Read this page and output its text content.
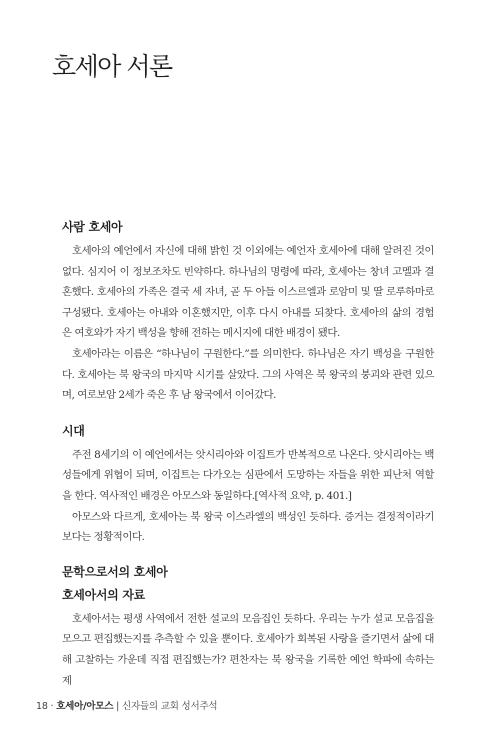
호세아 서론
사람 호세아

호세아의 예언에서 자신에 대해 밝힌 것 이외에는 예언자 호세아에 대해 알려진 것이 없다. 심지어 이 정보조차도 빈약하다. 하나님의 명령에 따라, 호세아는 창녀 고멜과 결혼했다. 호세아의 가족은 결국 세 자녀, 곧 두 아들 이스르엘과 로암미 및 딸 로루하마로 구성됐다. 호세아는 아내와 이혼했지만, 이후 다시 아내를 되찾다. 호세아의 삶의 경험은 여호와가 자기 백성을 향해 전하는 메시지에 대한 배경이 됐다.

호세아라는 이름은 “하나님이 구원한다.”를 의미한다. 하나님은 자기 백성을 구원한다. 호세아는 북 왕국의 마지막 시기를 살았다. 그의 사역은 북 왕국의 붕괴와 관련 있으며, 여로보암 2세가 죽은 후 남 왕국에서 이어갔다.

시대

주전 8세기의 이 예언에서는 앗시리아와 이집트가 반복적으로 나온다. 앗시리아는 백성들에게 위협이 되며, 이집트는 다가오는 심판에서 도망하는 자들을 위한 피난처 역할을 한다. 역사적인 배경은 아모스와 동일하다.[역사적 요약, p. 401.]

아모스와 다르게, 호세아는 북 왕국 이스라엘의 백성인 듯하다. 증거는 결정적이라기보다는 정황적이다.

문학으로서의 호세아
호세아서의 자료

호세아서는 평생 사역에서 전한 설교의 모음집인 듯하다. 우리는 누가 설교 모음집을 모으고 편집했는지를 추측할 수 있을 뿐이다. 호세아가 회복된 사랑을 즐기면서 삶에 대해 고찰하는 가운데 직접 편집했는가? 편찬자는 북 왕국을 기록한 예언 학파에 속하는 제

18 · 호세아/아모스 | 신자들의 교회 성서주석
